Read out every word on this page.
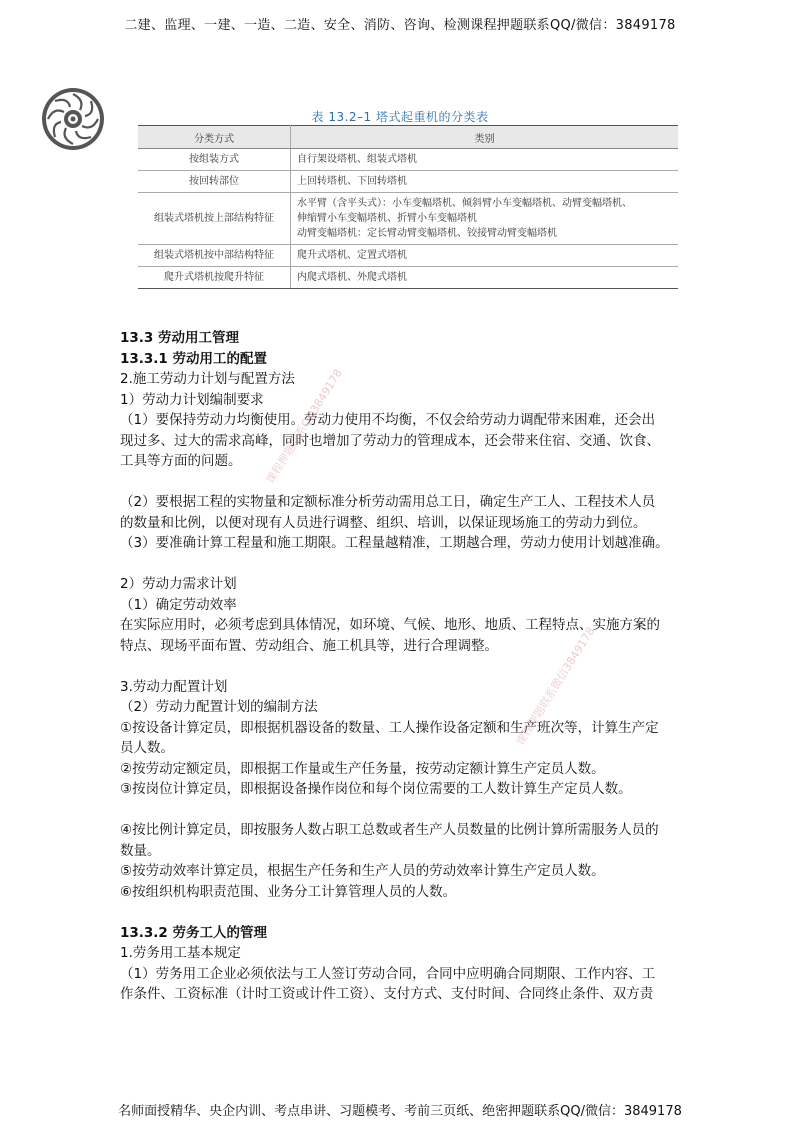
二建、监理、一建、一造、二造、安全、消防、咨询、检测课程押题联系QQ/微信：3849178
表 13.2–1 塔式起重机的分类表
分类方式	类别
按组装方式	自行架设塔机、组装式塔机
按回转部位	上回转塔机、下回转塔机
组装式塔机按上部结构特征	水平臂（含平头式）：小车变幅塔机、倾斜臂小车变幅塔机、动臂变幅塔机、
伸缩臂小车变幅塔机、折臂小车变幅塔机
动臂变幅塔机：定长臂动臂变幅塔机、铰接臂动臂变幅塔机

组装式塔机按中部结构特征	爬升式塔机、定置式塔机
爬升式塔机按爬升特征	内爬式塔机、外爬式塔机

13.3 劳动用工管理

13.3.1 劳动用工的配置

2.施工劳动力计划与配置方法

1）劳动力计划编制要求

（1）要保持劳动力均衡使用。劳动力使用不均衡，不仅会给劳动力调配带来困难，还会出

现过多、过大的需求高峰，同时也增加了劳动力的管理成本，还会带来住宿、交通、饮食、

工具等方面的问题。

（2）要根据工程的实物量和定额标准分析劳动需用总工日，确定生产工人、工程技术人员

的数量和比例，以便对现有人员进行调整、组织、培训，以保证现场施工的劳动力到位。

（3）要准确计算工程量和施工期限。工程量越精准，工期越合理，劳动力使用计划越准确。

2）劳动力需求计划

（1）确定劳动效率

在实际应用时，必须考虑到具体情况，如环境、气候、地形、地质、工程特点、实施方案的

特点、现场平面布置、劳动组合、施工机具等，进行合理调整。

3.劳动力配置计划

（2）劳动力配置计划的编制方法

①按设备计算定员，即根据机器设备的数量、工人操作设备定额和生产班次等，计算生产定

员人数。

②按劳动定额定员，即根据工作量或生产任务量，按劳动定额计算生产定员人数。

③按岗位计算定员，即根据设备操作岗位和每个岗位需要的工人数计算生产定员人数。

④按比例计算定员，即按服务人数占职工总数或者生产人员数量的比例计算所需服务人员的

数量。

⑤按劳动效率计算定员，根据生产任务和生产人员的劳动效率计算生产定员人数。

⑥按组织机构职责范围、业务分工计算管理人员的人数。

13.3.2 劳务工人的管理

1.劳务用工基本规定

（1）劳务用工企业必须依法与工人签订劳动合同，合同中应明确合同期限、工作内容、工

作条件、工资标准（计时工资或计件工资）、支付方式、支付时间、合同终止条件、双方责

课程押题联系QQ3849178
课程押题联系微信3849178
名师面授精华、央企内训、考点串讲、习题模考、考前三页纸、绝密押题联系QQ/微信：3849178
